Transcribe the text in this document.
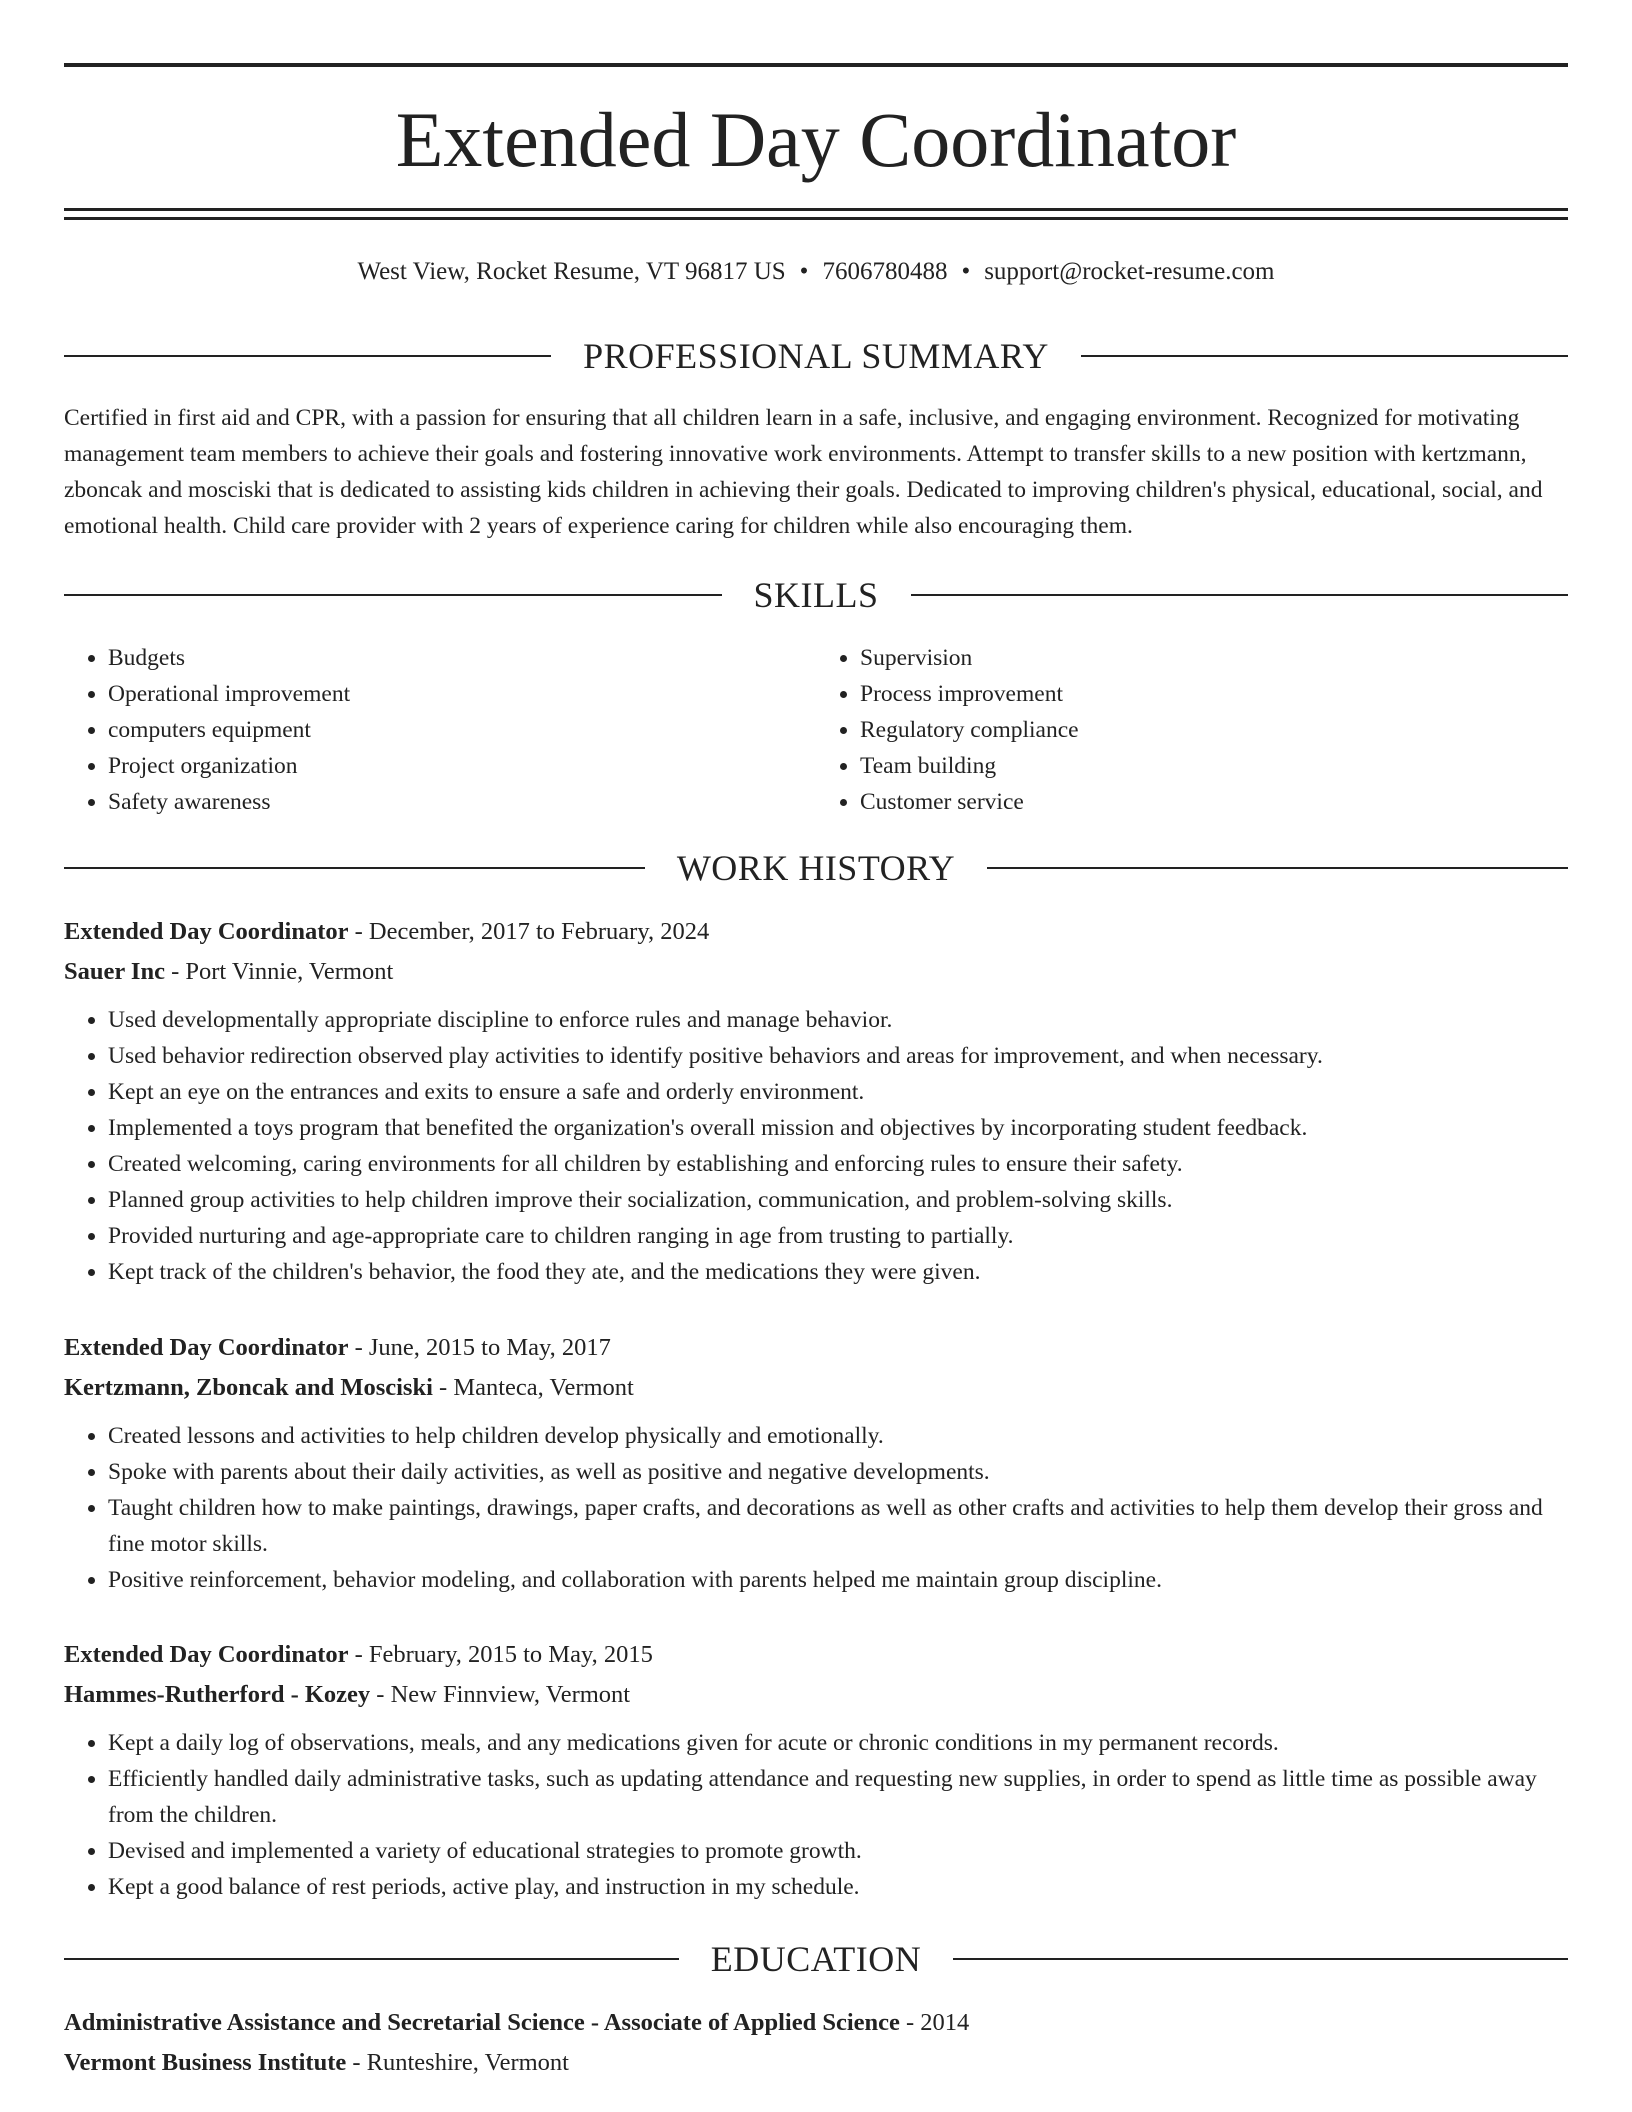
Extended Day Coordinator
West View, Rocket Resume, VT 96817 US • 7606780488 • support@rocket-resume.com
PROFESSIONAL SUMMARY

Certified in first aid and CPR, with a passion for ensuring that all children learn in a safe, inclusive, and engaging environment. Recognized for motivating management team members to achieve their goals and fostering innovative work environments. Attempt to transfer skills to a new position with kertzmann, zboncak and mosciski that is dedicated to assisting kids children in achieving their goals. Dedicated to improving children's physical, educational, social, and emotional health. Child care provider with 2 years of experience caring for children while also encouraging them.

SKILLS
• Budgets
• Operational improvement
• computers equipment
• Project organization
• Safety awareness
• Supervision
• Process improvement
• Regulatory compliance
• Team building
• Customer service
WORK HISTORY

Extended Day Coordinator - December, 2017 to February, 2024

Sauer Inc - Port Vinnie, Vermont

• Used developmentally appropriate discipline to enforce rules and manage behavior.
• Used behavior redirection observed play activities to identify positive behaviors and areas for improvement, and when necessary.
• Kept an eye on the entrances and exits to ensure a safe and orderly environment.
• Implemented a toys program that benefited the organization's overall mission and objectives by incorporating student feedback.
• Created welcoming, caring environments for all children by establishing and enforcing rules to ensure their safety.
• Planned group activities to help children improve their socialization, communication, and problem-solving skills.
• Provided nurturing and age-appropriate care to children ranging in age from trusting to partially.
• Kept track of the children's behavior, the food they ate, and the medications they were given.

Extended Day Coordinator - June, 2015 to May, 2017

Kertzmann, Zboncak and Mosciski - Manteca, Vermont

• Created lessons and activities to help children develop physically and emotionally.
• Spoke with parents about their daily activities, as well as positive and negative developments.
• Taught children how to make paintings, drawings, paper crafts, and decorations as well as other crafts and activities to help them develop their gross and fine motor skills.
• Positive reinforcement, behavior modeling, and collaboration with parents helped me maintain group discipline.

Extended Day Coordinator - February, 2015 to May, 2015

Hammes-Rutherford - Kozey - New Finnview, Vermont

• Kept a daily log of observations, meals, and any medications given for acute or chronic conditions in my permanent records.
• Efficiently handled daily administrative tasks, such as updating attendance and requesting new supplies, in order to spend as little time as possible away from the children.
• Devised and implemented a variety of educational strategies to promote growth.
• Kept a good balance of rest periods, active play, and instruction in my schedule.
EDUCATION

Administrative Assistance and Secretarial Science - Associate of Applied Science - 2014

Vermont Business Institute - Runteshire, Vermont
